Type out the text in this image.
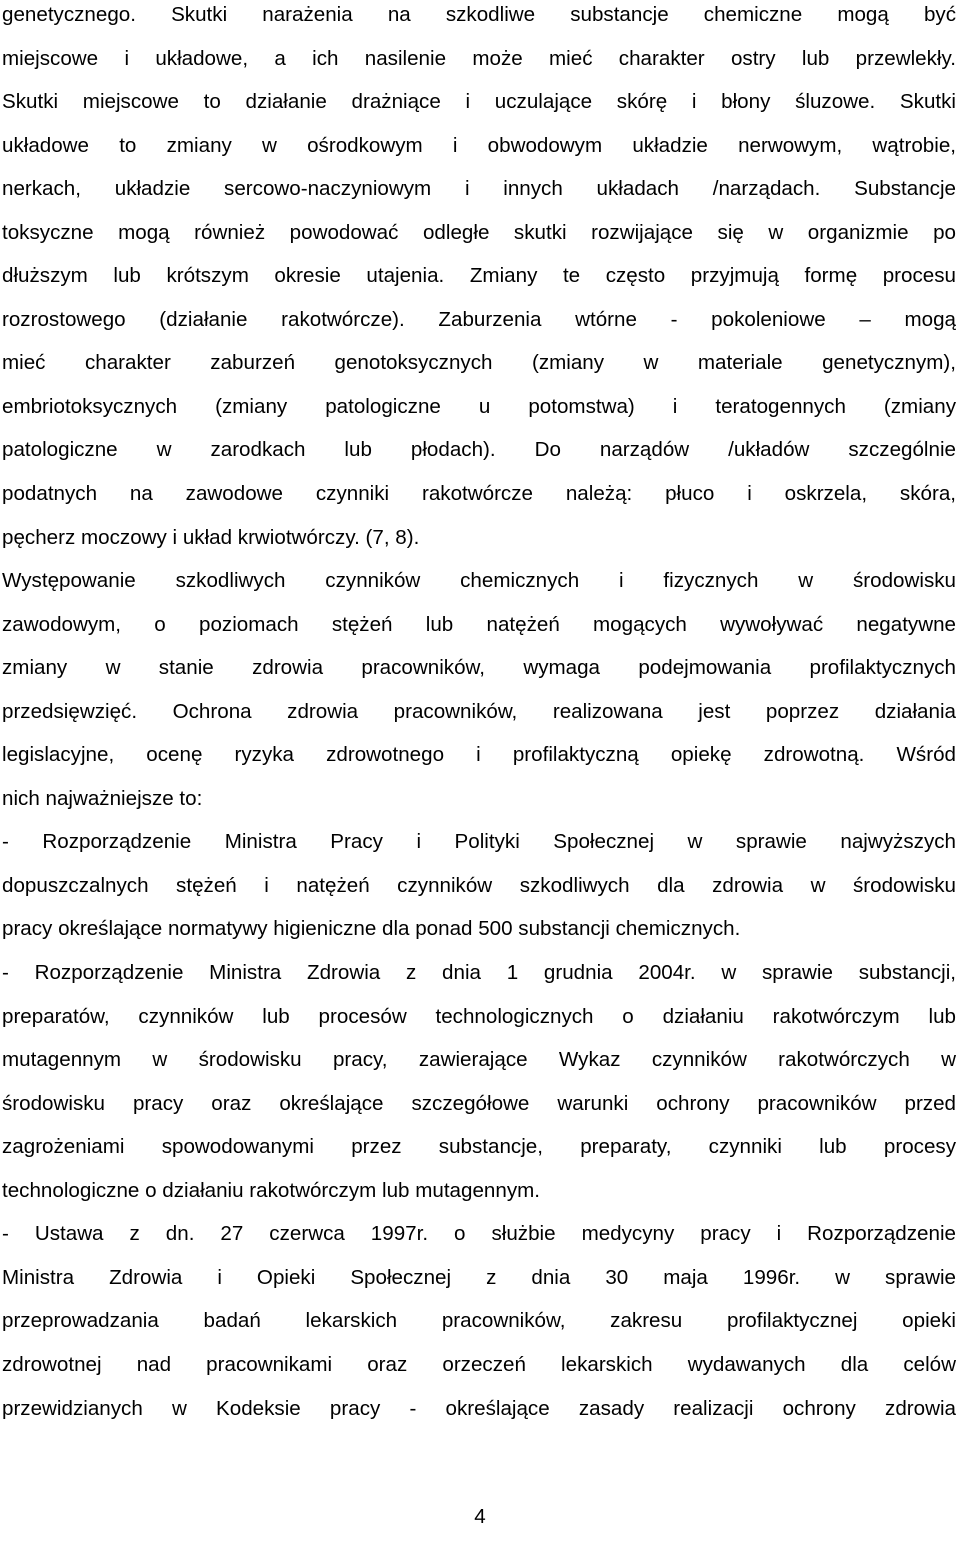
genetycznego. Skutki narażenia na szkodliwe substancje chemiczne mogą być
miejscowe i układowe, a ich nasilenie może mieć charakter ostry lub przewlekły.
Skutki miejscowe to działanie drażniące i uczulające skórę i błony śluzowe. Skutki
układowe to zmiany w ośrodkowym i obwodowym układzie nerwowym, wątrobie,
nerkach, układzie sercowo-naczyniowym i innych układach /narządach. Substancje
toksyczne mogą również powodować odległe skutki rozwijające się w organizmie po
dłuższym lub krótszym okresie utajenia. Zmiany te często przyjmują formę procesu
rozrostowego (działanie rakotwórcze). Zaburzenia wtórne - pokoleniowe – mogą
mieć charakter zaburzeń genotoksycznych (zmiany w materiale genetycznym),
embriotoksycznych (zmiany patologiczne u potomstwa) i teratogennych (zmiany
patologiczne w zarodkach lub płodach). Do narządów /układów szczególnie
podatnych na zawodowe czynniki rakotwórcze należą: płuco i oskrzela, skóra,
pęcherz moczowy i układ krwiotwórczy. (7, 8).
Występowanie szkodliwych czynników chemicznych i fizycznych w środowisku
zawodowym, o poziomach stężeń lub natężeń mogących wywoływać negatywne
zmiany w stanie zdrowia pracowników, wymaga podejmowania profilaktycznych
przedsięwzięć. Ochrona zdrowia pracowników, realizowana jest poprzez działania
legislacyjne, ocenę ryzyka zdrowotnego i profilaktyczną opiekę zdrowotną. Wśród
nich najważniejsze to:
- Rozporządzenie Ministra Pracy i Polityki Społecznej w sprawie najwyższych
dopuszczalnych stężeń i natężeń czynników szkodliwych dla zdrowia w środowisku
pracy określające normatywy higieniczne dla ponad 500 substancji chemicznych.
- Rozporządzenie Ministra Zdrowia z dnia 1 grudnia 2004r. w sprawie substancji,
preparatów, czynników lub procesów technologicznych o działaniu rakotwórczym lub
mutagennym w środowisku pracy, zawierające Wykaz czynników rakotwórczych w
środowisku pracy oraz określające szczegółowe warunki ochrony pracowników przed
zagrożeniami spowodowanymi przez substancje, preparaty, czynniki lub procesy
technologiczne o działaniu rakotwórczym lub mutagennym.
- Ustawa z dn. 27 czerwca 1997r. o służbie medycyny pracy i Rozporządzenie
Ministra Zdrowia i Opieki Społecznej z dnia 30 maja 1996r. w sprawie
przeprowadzania badań lekarskich pracowników, zakresu profilaktycznej opieki
zdrowotnej nad pracownikami oraz orzeczeń lekarskich wydawanych dla celów
przewidzianych w Kodeksie pracy - określające zasady realizacji ochrony zdrowia
4
